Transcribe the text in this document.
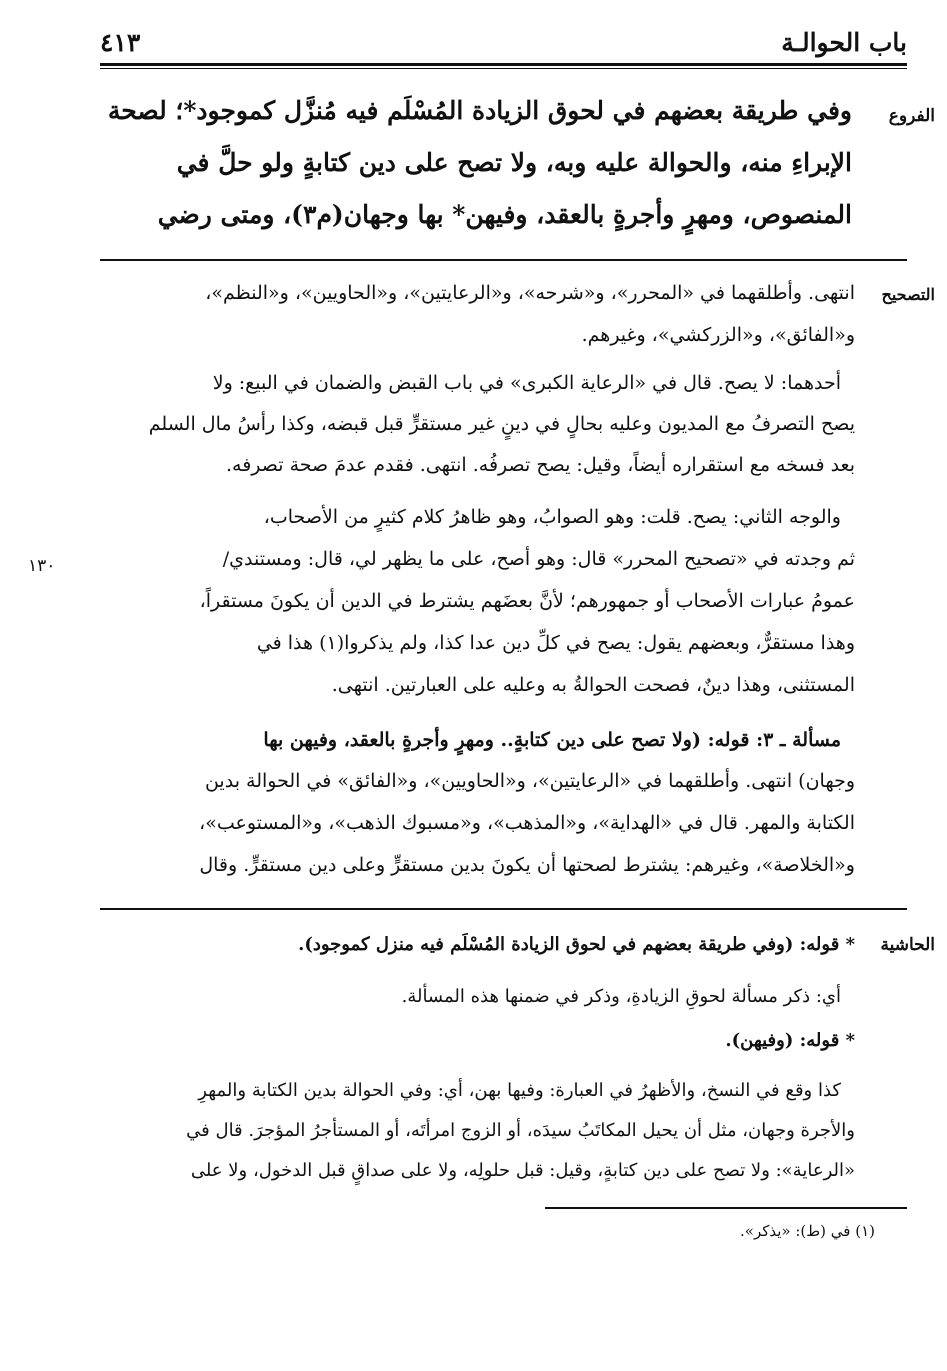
باب الحوالـة
٤١٣
الفروع
وفي طريقة بعضهم في لحوق الزيادة المُسْلَم فيه مُنزَّل كموجود*؛ لصحة
الإبراءِ منه، والحوالة عليه وبه، ولا تصح على دين كتابةٍ ولو حلَّ في
المنصوص، ومهرٍ وأجرةٍ بالعقد، وفيهن* بها وجهان(م٣)، ومتى رضي
التصحيح
١٣٠
انتهى. وأطلقهما في «المحرر»، و«شرحه»، و«الرعايتين»، و«الحاويين»، و«النظم»،
و«الفائق»، و«الزركشي»، وغيرهم.
أحدهما: لا يصح. قال في «الرعاية الكبرى» في باب القبض والضمان في البيع: ولا
يصح التصرفُ مع المديون وعليه بحالٍ في دينٍ غير مستقرٍّ قبل قبضه، وكذا رأسُ مال السلم
بعد فسخه مع استقراره أيضاً، وقيل: يصح تصرفُه. انتهى. فقدم عدمَ صحة تصرفه.
والوجه الثاني: يصح. قلت: وهو الصوابُ، وهو ظاهرُ كلام كثيرٍ من الأصحاب،
ثم وجدته في «تصحيح المحرر» قال: وهو أصح، على ما يظهر لي، قال: ومستندي/
عمومُ عبارات الأصحاب أو جمهورهم؛ لأنَّ بعضَهم يشترط في الدين أن يكونَ مستقراً،
وهذا مستقرٌّ، وبعضهم يقول: يصح في كلِّ دين عدا كذا، ولم يذكروا(١) هذا في
المستثنى، وهذا دينٌ، فصحت الحوالةُ به وعليه على العبارتين. انتهى.
مسألة ـ ٣: قوله: (ولا تصح على دين كتابةٍ.. ومهرٍ وأجرةٍ بالعقد، وفيهن بها
وجهان) انتهى. وأطلقهما في «الرعايتين»، و«الحاويين»، و«الفائق» في الحوالة بدين
الكتابة والمهر. قال في «الهداية»، و«المذهب»، و«مسبوك الذهب»، و«المستوعب»،
و«الخلاصة»، وغيرهم: يشترط لصحتها أن يكونَ بدين مستقرٍّ وعلى دين مستقرٍّ. وقال
الحاشية
* قوله: (وفي طريقة بعضهم في لحوق الزيادة المُسْلَم فيه منزل كموجود).
أي: ذكر مسألة لحوقِ الزيادةِ، وذكر في ضمنها هذه المسألة.
* قوله: (وفيهن).
كذا وقع في النسخ، والأظهرُ في العبارة: وفيها بهن، أي: وفي الحوالة بدين الكتابة والمهرِ
والأجرة وجهان، مثل أن يحيل المكاتَبُ سيدَه، أو الزوج امرأتَه، أو المستأجرُ المؤجرَ. قال في
«الرعاية»: ولا تصح على دين كتابةٍ، وقيل: قبل حلولِه، ولا على صداقٍ قبل الدخول، ولا على
(١) في (ط): «يذكر».
